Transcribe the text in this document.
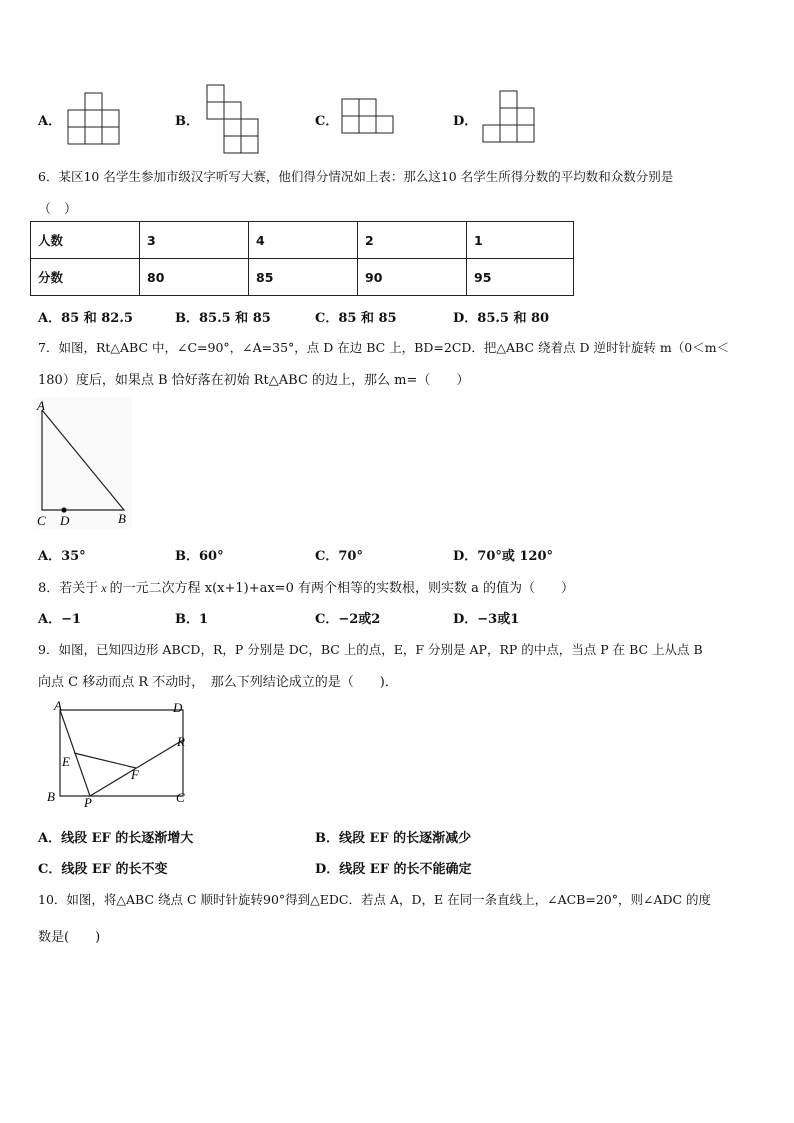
A．	B．	C．	D．
6．某区10 名学生参加市级汉字听写大赛，他们得分情况如上表：那么这10 名学生所得分数的平均数和众数分别是
（　）
人数	3	4	2	1
分数	80	85	90	95
A．85 和 82.5	B．85.5 和 85	C．85 和 85	D．85.5 和 80
7．如图，Rt△ABC 中，∠C=90°，∠A=35°，点 D 在边 BC 上，BD=2CD．把△ABC 绕着点 D 逆时针旋转 m（0＜m＜
180）度后，如果点 B 恰好落在初始 Rt△ABC 的边上，那么 m=（　　）
A
C D	B
A．35°	B．60°	C．70°	D．70°或 120°
8．若关于 x 的一元二次方程 x(x+1)+ax=0 有两个相等的实数根，则实数 a 的值为（　　）
A．−1	B．1	C．−2或2	D．−3或1
9．如图，已知四边形 ABCD，R，P 分别是 DC，BC 上的点，E，F 分别是 AP，RP 的中点，当点 P 在 BC 上从点 B
向点 C 移动而点 R 不动时，　那么下列结论成立的是（　　)．
A	D
R
E
F
B P	C
A．线段 EF 的长逐渐增大	B．线段 EF 的长逐渐减少
C．线段 EF 的长不变	D．线段 EF 的长不能确定
10．如图，将△ABC 绕点 C 顺时针旋转90°得到△EDC．若点 A，D，E 在同一条直线上，∠ACB=20°，则∠ADC 的度
数是(　　)
